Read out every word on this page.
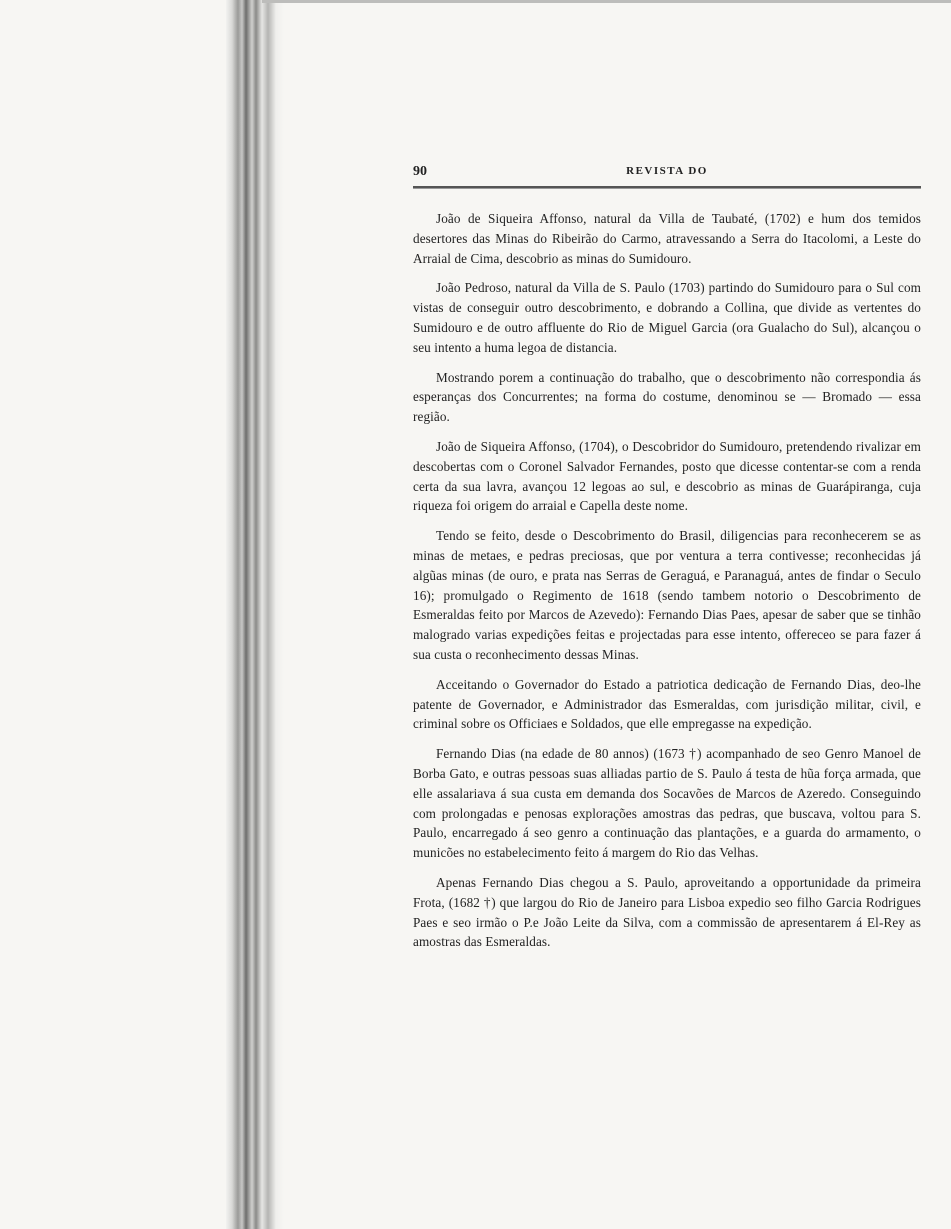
90	REVISTA DO

João de Siqueira Affonso, natural da Villa de Taubaté, (1702) e hum dos temidos desertores das Minas do Ribeirão do Carmo, atravessando a Serra do Itacolomi, a Leste do Arraial de Cima, descobrio as minas do Sumidouro.

João Pedroso, natural da Villa de S. Paulo (1703) partindo do Sumidouro para o Sul com vistas de conseguir outro descobrimento, e dobrando a Collina, que divide as vertentes do Sumidouro e de outro affluente do Rio de Miguel Garcia (ora Gualacho do Sul), alcançou o seu intento a huma legoa de distancia.

Mostrando porem a continuação do trabalho, que o descobrimento não correspondia ás esperanças dos Concurrentes; na forma do costume, denominou se — Bromado — essa região.

João de Siqueira Affonso, (1704), o Descobridor do Sumidouro, pretendendo rivalizar em descobertas com o Coronel Salvador Fernandes, posto que dicesse contentar-se com a renda certa da sua lavra, avançou 12 legoas ao sul, e descobrio as minas de Guarápiranga, cuja riqueza foi origem do arraial e Capella deste nome.

Tendo se feito, desde o Descobrimento do Brasil, diligencias para reconhecerem se as minas de metaes, e pedras preciosas, que por ventura a terra contivesse; reconhecidas já algũas minas (de ouro, e prata nas Serras de Geraguá, e Paranaguá, antes de findar o Seculo 16); promulgado o Regimento de 1618 (sendo tambem notorio o Descobrimento de Esmeraldas feito por Marcos de Azevedo): Fernando Dias Paes, apesar de saber que se tinhão malogrado varias expedições feitas e projectadas para esse intento, offereceo se para fazer á sua custa o reconhecimento dessas Minas.

Acceitando o Governador do Estado a patriotica dedicação de Fernando Dias, deo-lhe patente de Governador, e Administrador das Esmeraldas, com jurisdição militar, civil, e criminal sobre os Officiaes e Soldados, que elle empregasse na expedição.

Fernando Dias (na edade de 80 annos) (1673 †) acompanhado de seo Genro Manoel de Borba Gato, e outras pessoas suas alliadas partio de S. Paulo á testa de hũa força armada, que elle assalariava á sua custa em demanda dos Socavões de Marcos de Azeredo. Conseguindo com prolongadas e penosas explorações amostras das pedras, que buscava, voltou para S. Paulo, encarregado á seo genro a continuação das plantações, e a guarda do armamento, o municões no estabelecimento feito á margem do Rio das Velhas.

Apenas Fernando Dias chegou a S. Paulo, aproveitando a opportunidade da primeira Frota, (1682 †) que largou do Rio de Janeiro para Lisboa expedio seo filho Garcia Rodrigues Paes e seo irmão o P.e João Leite da Silva, com a commissão de apresentarem á El-Rey as amostras das Esmeraldas.
